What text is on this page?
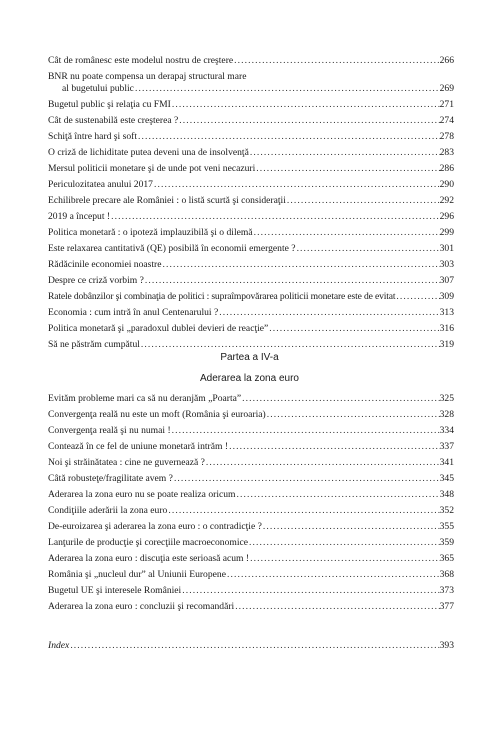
Cât de românesc este modelul nostru de creştere .....	266
BNR nu poate compensa un derapaj structural mare
al bugetului public .....	269
Bugetul public şi relaţia cu FMI .....	271
Cât de sustenabilă este creşterea ? .....	274
Schiţă între hard şi soft .....	278
O criză de lichiditate putea deveni una de insolvenţă .....	283
Mersul politicii monetare şi de unde pot veni necazuri .....	286
Periculozitatea anului 2017 .....	290
Echilibrele precare ale României : o listă scurtă şi consideraţii .....	292
2019 a început ! .....	296
Politica monetară : o ipoteză implauzibilă şi o dilemă .....	299
Este relaxarea cantitativă (QE) posibilă în economii emergente ? .....	301
Rădăcinile economiei noastre .....	303
Despre ce criză vorbim ? .....	307
Ratele dobânzilor şi combinaţia de politici : supraîmpovărarea politicii monetare este de evitat .....	309
Economia : cum intră în anul Centenarului ? .....	313
Politica monetară şi „paradoxul dublei devieri de reacţie” .....	316
Să ne păstrăm cumpătul .....	319
Partea a IV-a
Aderarea la zona euro
Evităm probleme mari ca să nu deranjăm „Poarta” .....	325
Convergenţa reală nu este un moft (România şi euroaria) .....	328
Convergenţa reală şi nu numai ! .....	334
Contează în ce fel de uniune monetară intrăm ! .....	337
Noi şi străinătatea : cine ne guvernează ? .....	341
Câtă robusteţe/fragilitate avem ? .....	345
Aderarea la zona euro nu se poate realiza oricum .....	348
Condiţiile aderării la zona euro .....	352
De-euroizarea şi aderarea la zona euro : o contradicţie ? .....	355
Lanţurile de producţie şi corecţiile macroeconomice .....	359
Aderarea la zona euro : discuţia este serioasă acum ! .....	365
România şi „nucleul dur” al Uniunii Europene .....	368
Bugetul UE şi interesele României .....	373
Aderarea la zona euro : concluzii şi recomandări .....	377
Index .....	393
